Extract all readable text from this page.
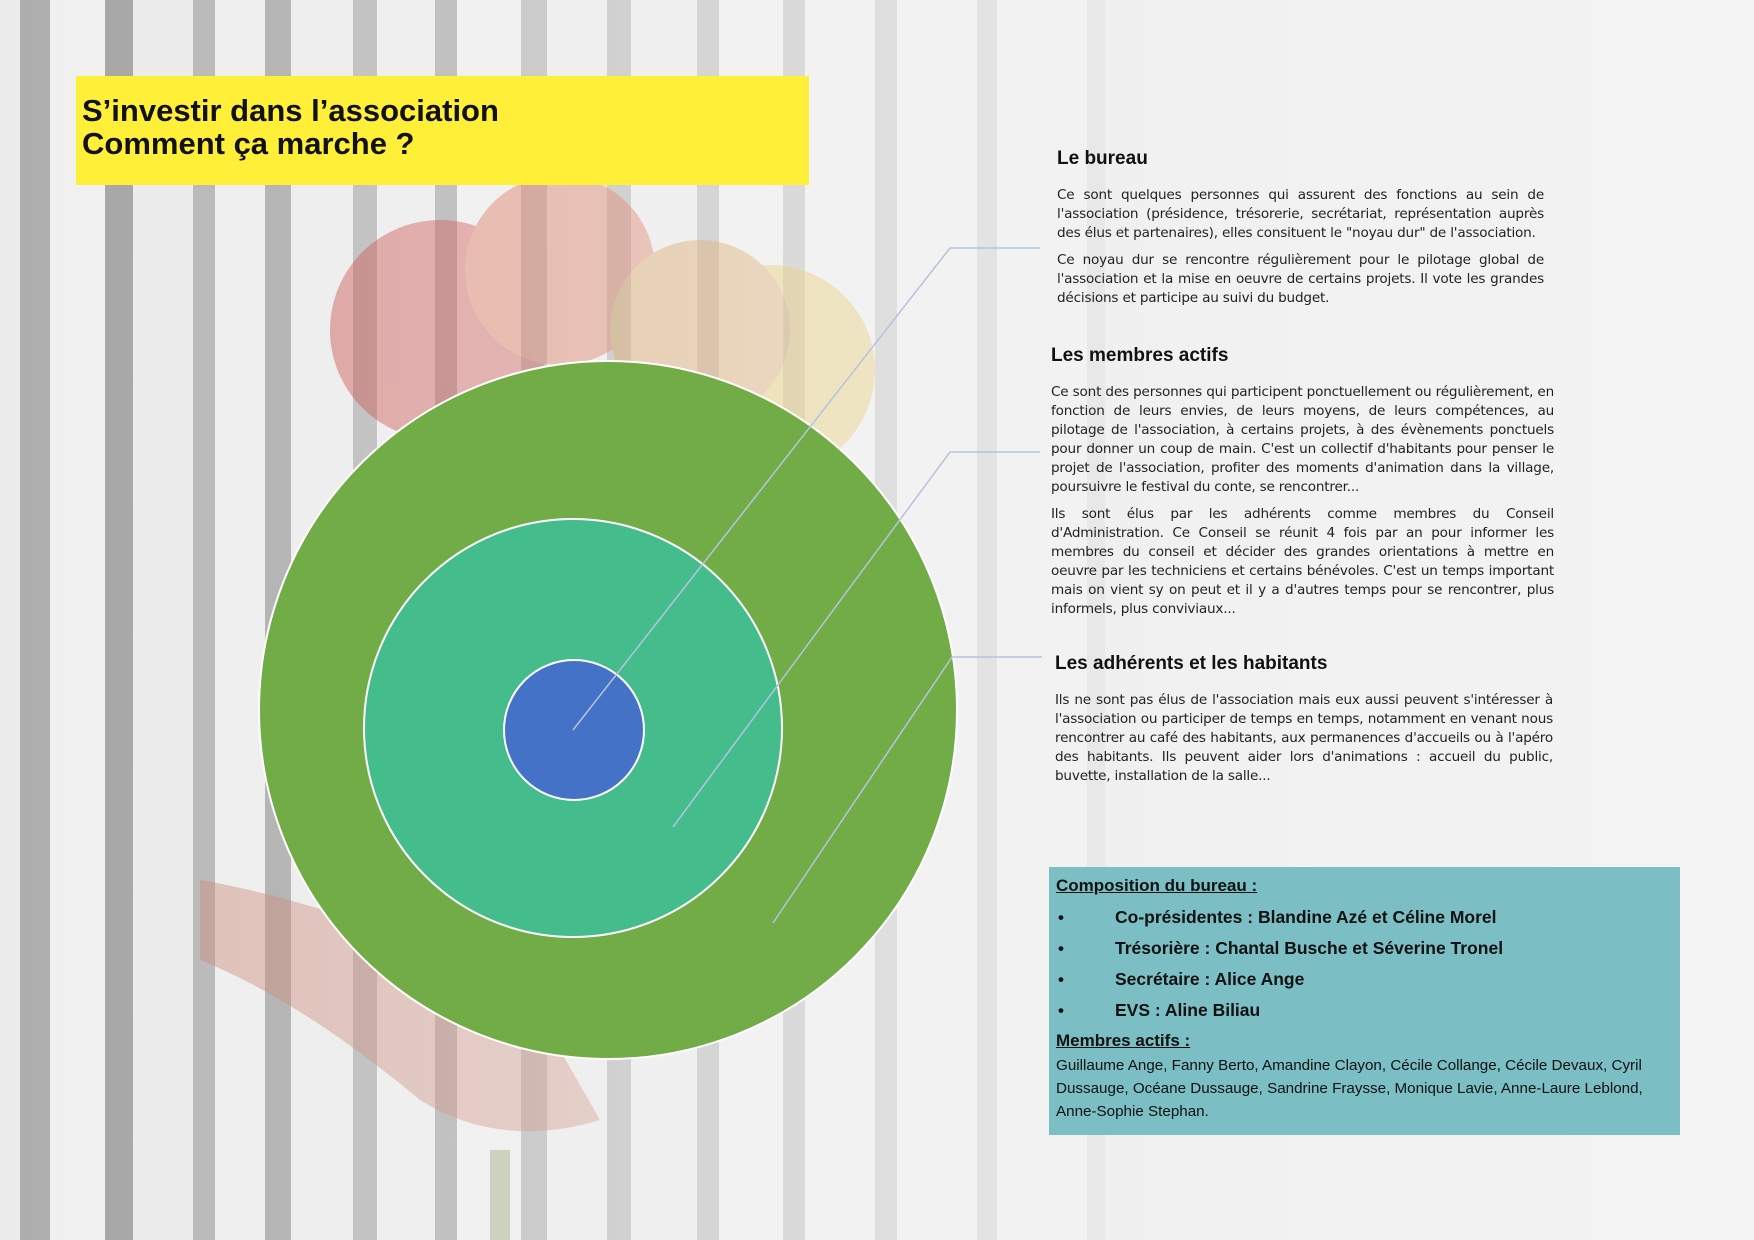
S’investir dans l’association
Comment ça marche ?	Le bureau

Ce sont quelques personnes qui assurent des fonctions au sein de l'association (présidence, trésorerie, secrétariat, représentation auprès des élus et partenaires), elles consituent le "noyau dur" de l'association.

Ce noyau dur se rencontre régulièrement pour le pilotage global de l'association et la mise en oeuvre de certains projets. Il vote les grandes décisions et participe au suivi du budget.

Les membres actifs

Ce sont des personnes qui participent ponctuellement ou régulièrement, en fonction de leurs envies, de leurs moyens, de leurs compétences, au pilotage de l'association, à certains projets, à des évènements ponctuels pour donner un coup de main. C'est un collectif d'habitants pour penser le projet de l'association, profiter des moments d'animation dans la village, poursuivre le festival du conte, se rencontrer...

Ils sont élus par les adhérents comme membres du Conseil d'Administration. Ce Conseil se réunit 4 fois par an pour informer les membres du conseil et décider des grandes orientations à mettre en oeuvre par les techniciens et certains bénévoles. C'est un temps important mais on vient sy on peut et il y a d'autres temps pour se rencontrer, plus informels, plus conviviaux...

Les adhérents et les habitants

Ils ne sont pas élus de l'association mais eux aussi peuvent s'intéresser à l'association ou participer de temps en temps, notamment en venant nous rencontrer au café des habitants, aux permanences d'accueils ou à l'apéro des habitants. Ils peuvent aider lors d'animations : accueil du public, buvette, installation de la salle...

Composition du bureau :
•	Co-présidentes : Blandine Azé et Céline Morel
•	Trésorière : Chantal Busche et Séverine Tronel
•	Secrétaire : Alice Ange
•	EVS : Aline Biliau
Membres actifs :
Guillaume Ange, Fanny Berto, Amandine Clayon, Cécile Collange, Cécile Devaux, Cyril Dussauge, Océane Dussauge, Sandrine Fraysse, Monique Lavie, Anne-Laure Leblond, Anne-Sophie Stephan.
